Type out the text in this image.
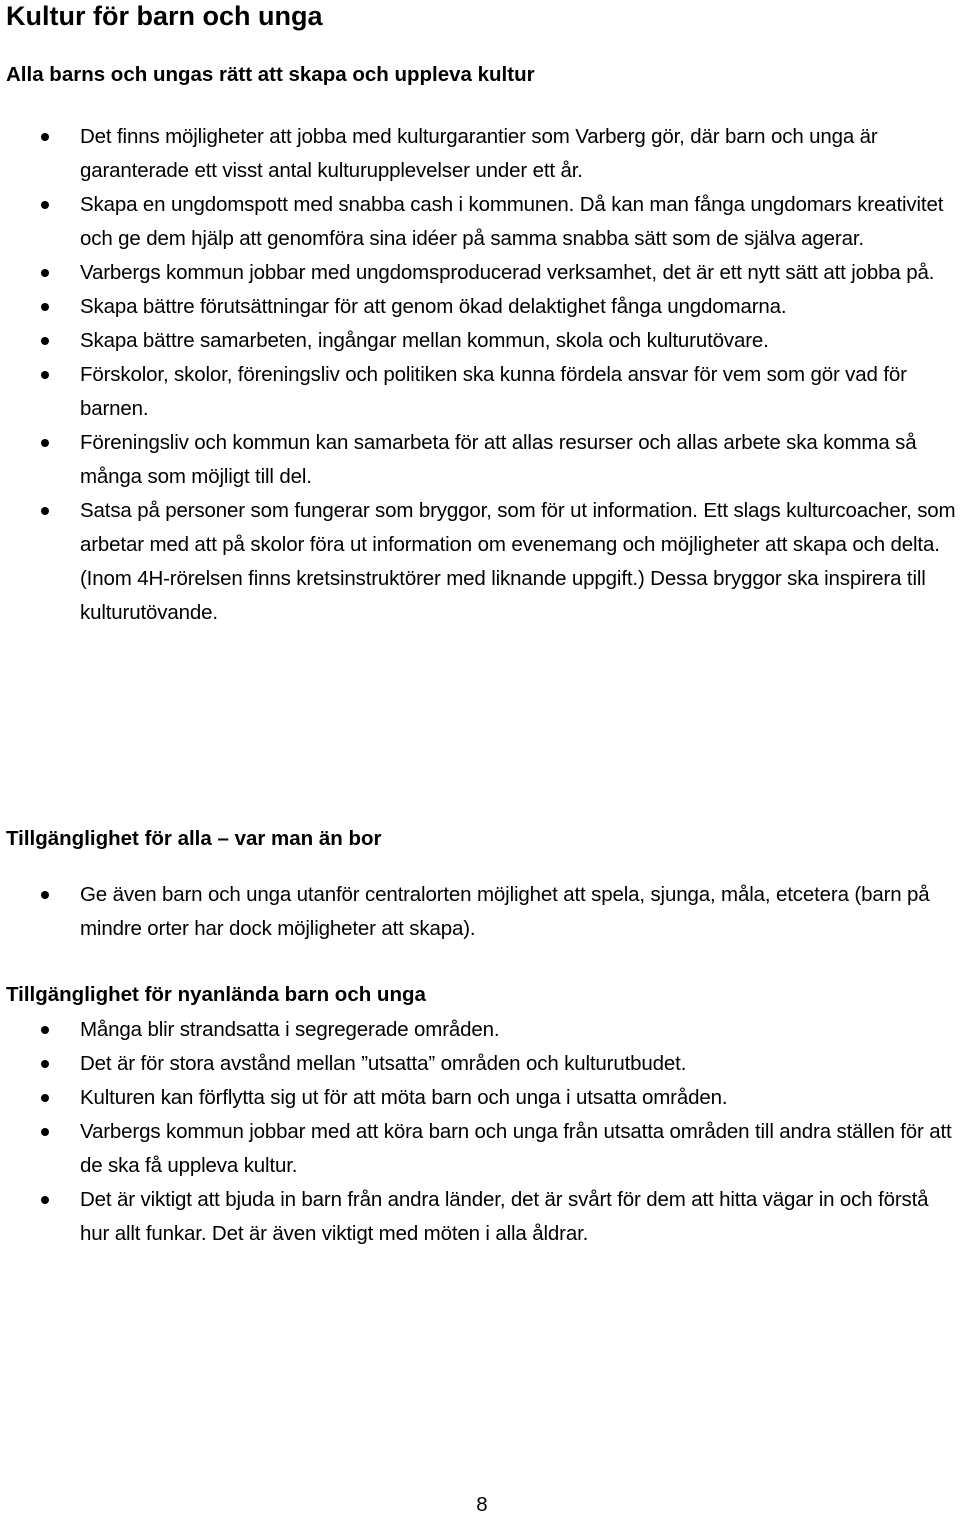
Kultur för barn och unga
Alla barns och ungas rätt att skapa och uppleva kultur
Det finns möjligheter att jobba med kulturgarantier som Varberg gör, där barn och unga är garanterade ett visst antal kulturupplevelser under ett år.
Skapa en ungdomspott med snabba cash i kommunen. Då kan man fånga ungdomars kreativitet och ge dem hjälp att genomföra sina idéer på samma snabba sätt som de själva agerar.
Varbergs kommun jobbar med ungdomsproducerad verksamhet, det är ett nytt sätt att jobba på.
Skapa bättre förutsättningar för att genom ökad delaktighet fånga ungdomarna.
Skapa bättre samarbeten, ingångar mellan kommun, skola och kulturutövare.
Förskolor, skolor, föreningsliv och politiken ska kunna fördela ansvar för vem som gör vad för barnen.
Föreningsliv och kommun kan samarbeta för att allas resurser och allas arbete ska komma så många som möjligt till del.
Satsa på personer som fungerar som bryggor, som för ut information. Ett slags kulturcoacher, som arbetar med att på skolor föra ut information om evenemang och möjligheter att skapa och delta. (Inom 4H-rörelsen finns kretsinstruktörer med liknande uppgift.) Dessa bryggor ska inspirera till kulturutövande.
Tillgänglighet för alla – var man än bor
Ge även barn och unga utanför centralorten möjlighet att spela, sjunga, måla, etcetera (barn på mindre orter har dock möjligheter att skapa).
Tillgänglighet för nyanlända barn och unga
Många blir strandsatta i segregerade områden.
Det är för stora avstånd mellan ”utsatta” områden och kulturutbudet.
Kulturen kan förflytta sig ut för att möta barn och unga i utsatta områden.
Varbergs kommun jobbar med att köra barn och unga från utsatta områden till andra ställen för att de ska få uppleva kultur.
Det är viktigt att bjuda in barn från andra länder, det är svårt för dem att hitta vägar in och förstå hur allt funkar. Det är även viktigt med möten i alla åldrar.
8
